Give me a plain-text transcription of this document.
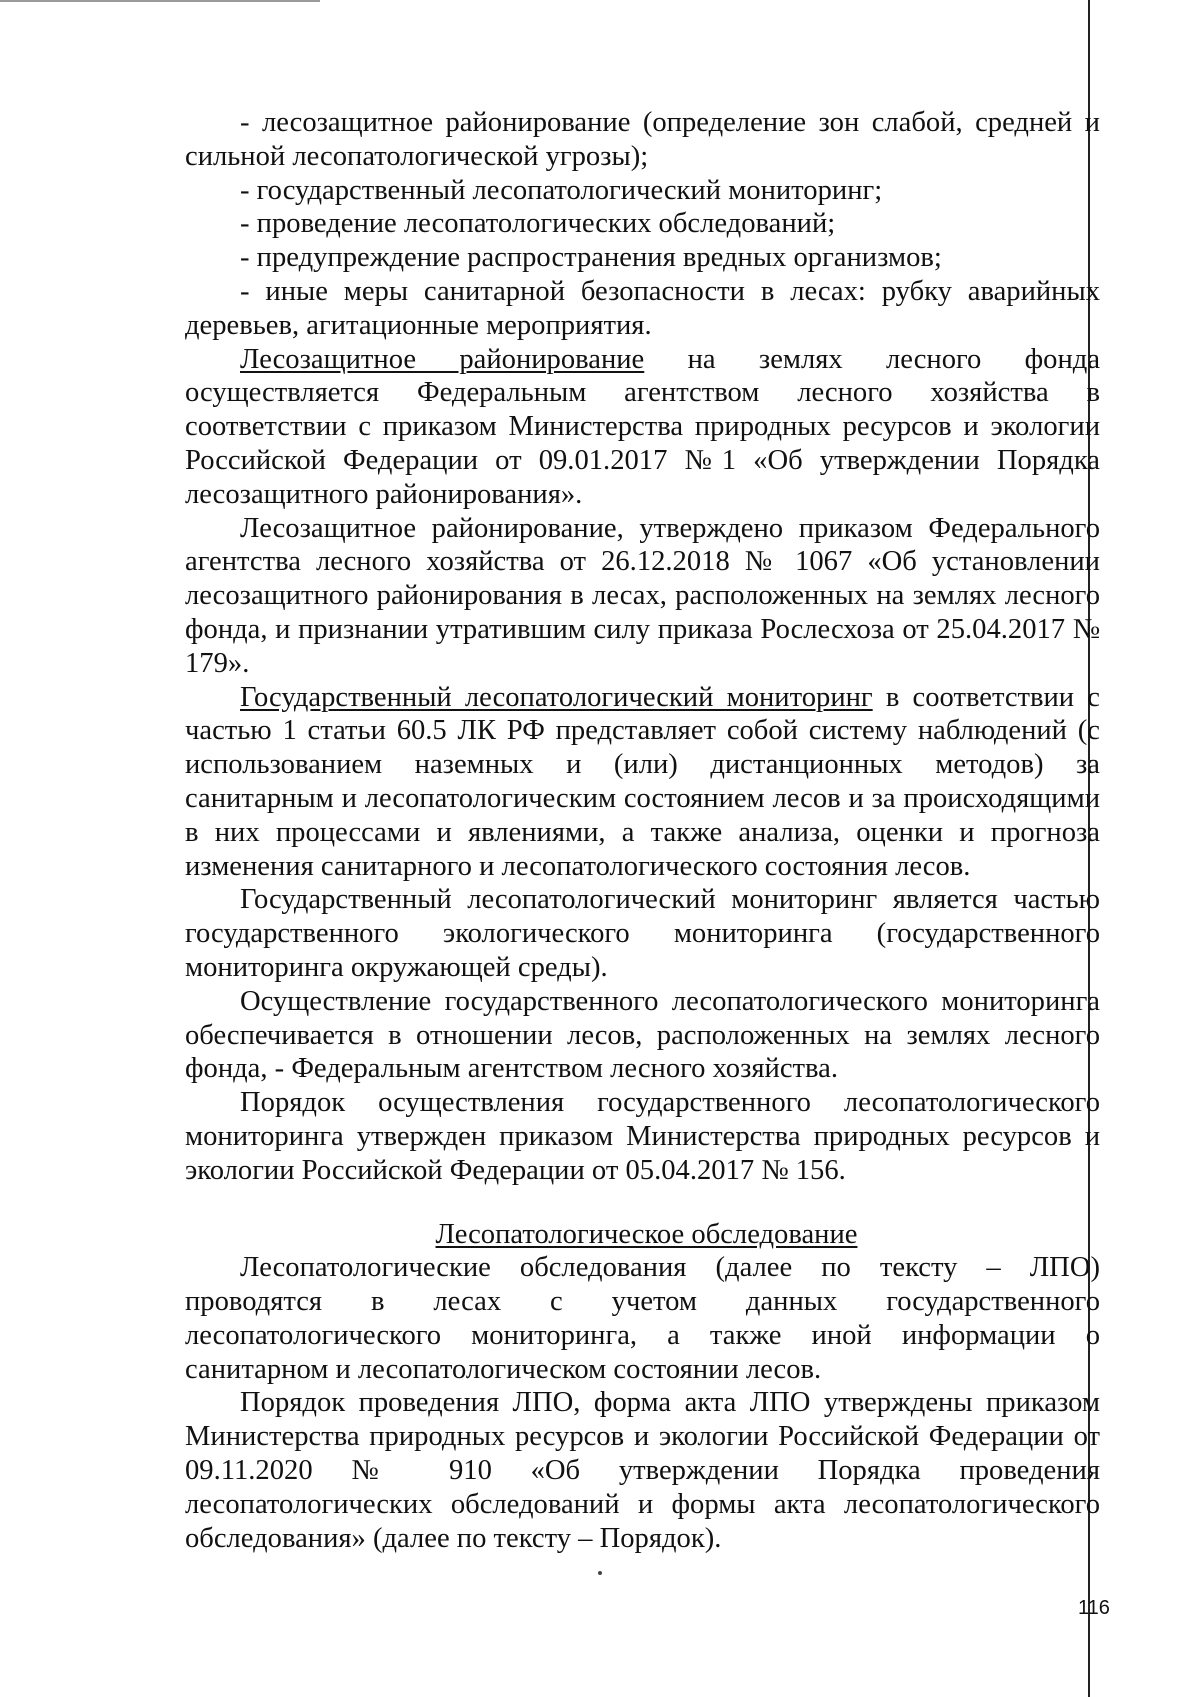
- лесозащитное районирование (определение зон слабой, средней и сильной лесопатологической угрозы);

- государственный лесопатологический мониторинг;

- проведение лесопатологических обследований;

- предупреждение распространения вредных организмов;

- иные меры санитарной безопасности в лесах: рубку аварийных деревьев, агитационные мероприятия.

Лесозащитное районирование на землях лесного фонда осуществляется Федеральным агентством лесного хозяйства в соответствии с приказом Министерства природных ресурсов и экологии Российской Федерации от 09.01.2017 №1 «Об утверждении Порядка лесозащитного районирования».

Лесозащитное районирование, утверждено приказом Федерального агентства лесного хозяйства от 26.12.2018 № 1067 «Об установлении лесозащитного районирования в лесах, расположенных на землях лесного фонда, и признании утратившим силу приказа Рослесхоза от 25.04.2017 № 179».

Государственный лесопатологический мониторинг в соответствии с частью 1 статьи 60.5 ЛК РФ представляет собой систему наблюдений (с использованием наземных и (или) дистанционных методов) за санитарным и лесопатологическим состоянием лесов и за происходящими в них процессами и явлениями, а также анализа, оценки и прогноза изменения санитарного и лесопатологического состояния лесов.

Государственный лесопатологический мониторинг является частью государственного экологического мониторинга (государственного мониторинга окружающей среды).

Осуществление государственного лесопатологического мониторинга обеспечивается в отношении лесов, расположенных на землях лесного фонда, - Федеральным агентством лесного хозяйства.

Порядок осуществления государственного лесопатологического мониторинга утвержден приказом Министерства природных ресурсов и экологии Российской Федерации от 05.04.2017 № 156.

Лесопатологическое обследование

Лесопатологические обследования (далее по тексту – ЛПО) проводятся в лесах с учетом данных государственного лесопатологического мониторинга, а также иной информации о санитарном и лесопатологическом состоянии лесов.

Порядок проведения ЛПО, форма акта ЛПО утверждены приказом Министерства природных ресурсов и экологии Российской Федерации от 09.11.2020 № 910 «Об утверждении Порядка проведения лесопатологических обследований и формы акта лесопатологического обследования» (далее по тексту – Порядок).

116
